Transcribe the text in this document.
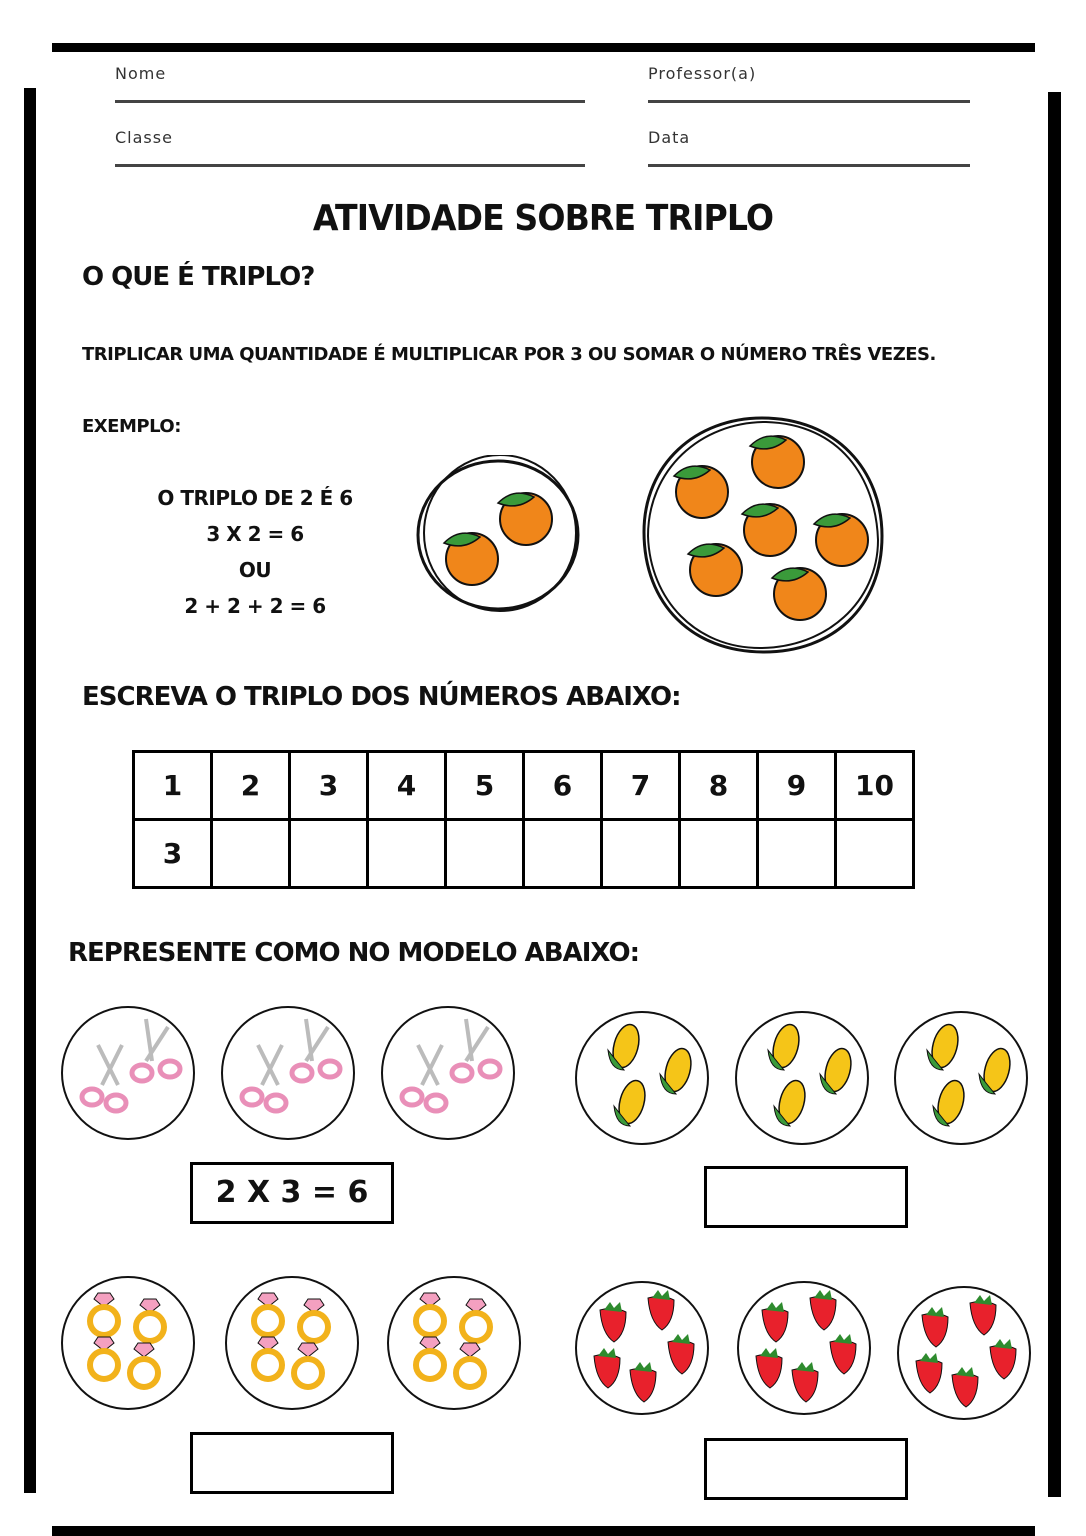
Nome	Professor(a)
Classe	Data
ATIVIDADE SOBRE TRIPLO
O QUE É TRIPLO?
TRIPLICAR UMA QUANTIDADE É MULTIPLICAR POR 3 OU SOMAR O NÚMERO TRÊS VEZES.
EXEMPLO:
O TRIPLO DE 2 É 6
3 X 2 = 6
OU
2 + 2 + 2 = 6
ESCREVA O TRIPLO DOS NÚMEROS ABAIXO:
1	2	3	4	5	6	7	8	9	10
3									
REPRESENTE COMO NO MODELO ABAIXO:
2 X 3 = 6
